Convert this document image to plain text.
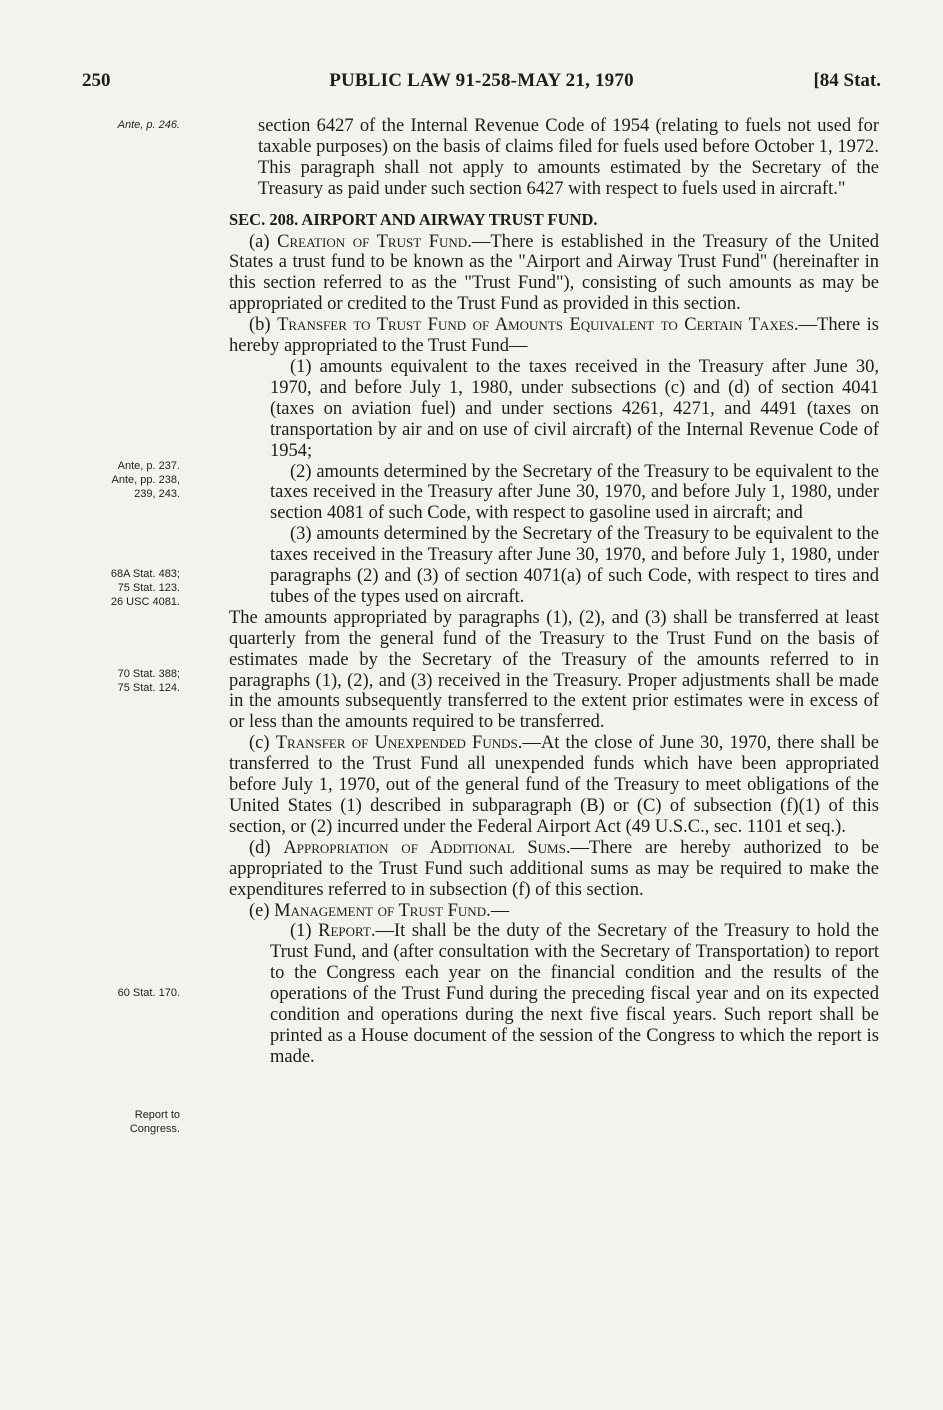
250	PUBLIC LAW 91-258-MAY 21, 1970	[84 Stat.
Ante, p. 246.
Ante, p. 237.
Ante, pp. 238,
239, 243.
68A Stat. 483;
75 Stat. 123.
26 USC 4081.
70 Stat. 388;
75 Stat. 124.
60 Stat. 170.
Report to
Congress.

section 6427 of the Internal Revenue Code of 1954 (relating to fuels not used for taxable purposes) on the basis of claims filed for fuels used before October 1, 1972. This paragraph shall not apply to amounts estimated by the Secretary of the Treasury as paid under such section 6427 with respect to fuels used in aircraft."

SEC. 208. AIRPORT AND AIRWAY TRUST FUND.

(a) Creation of Trust Fund.—There is established in the Treasury of the United States a trust fund to be known as the "Airport and Airway Trust Fund" (hereinafter in this section referred to as the "Trust Fund"), consisting of such amounts as may be appropriated or credited to the Trust Fund as provided in this section.

(b) Transfer to Trust Fund of Amounts Equivalent to Certain Taxes.—There is hereby appropriated to the Trust Fund—

(1) amounts equivalent to the taxes received in the Treasury after June 30, 1970, and before July 1, 1980, under subsections (c) and (d) of section 4041 (taxes on aviation fuel) and under sections 4261, 4271, and 4491 (taxes on transportation by air and on use of civil aircraft) of the Internal Revenue Code of 1954;

(2) amounts determined by the Secretary of the Treasury to be equivalent to the taxes received in the Treasury after June 30, 1970, and before July 1, 1980, under section 4081 of such Code, with respect to gasoline used in aircraft; and

(3) amounts determined by the Secretary of the Treasury to be equivalent to the taxes received in the Treasury after June 30, 1970, and before July 1, 1980, under paragraphs (2) and (3) of section 4071(a) of such Code, with respect to tires and tubes of the types used on aircraft.

The amounts appropriated by paragraphs (1), (2), and (3) shall be transferred at least quarterly from the general fund of the Treasury to the Trust Fund on the basis of estimates made by the Secretary of the Treasury of the amounts referred to in paragraphs (1), (2), and (3) received in the Treasury. Proper adjustments shall be made in the amounts subsequently transferred to the extent prior estimates were in excess of or less than the amounts required to be transferred.

(c) Transfer of Unexpended Funds.—At the close of June 30, 1970, there shall be transferred to the Trust Fund all unexpended funds which have been appropriated before July 1, 1970, out of the general fund of the Treasury to meet obligations of the United States (1) described in subparagraph (B) or (C) of subsection (f)(1) of this section, or (2) incurred under the Federal Airport Act (49 U.S.C., sec. 1101 et seq.).

(d) Appropriation of Additional Sums.—There are hereby authorized to be appropriated to the Trust Fund such additional sums as may be required to make the expenditures referred to in subsection (f) of this section.

(e) Management of Trust Fund.—

(1) Report.—It shall be the duty of the Secretary of the Treasury to hold the Trust Fund, and (after consultation with the Secretary of Transportation) to report to the Congress each year on the financial condition and the results of the operations of the Trust Fund during the preceding fiscal year and on its expected condition and operations during the next five fiscal years. Such report shall be printed as a House document of the session of the Congress to which the report is made.
